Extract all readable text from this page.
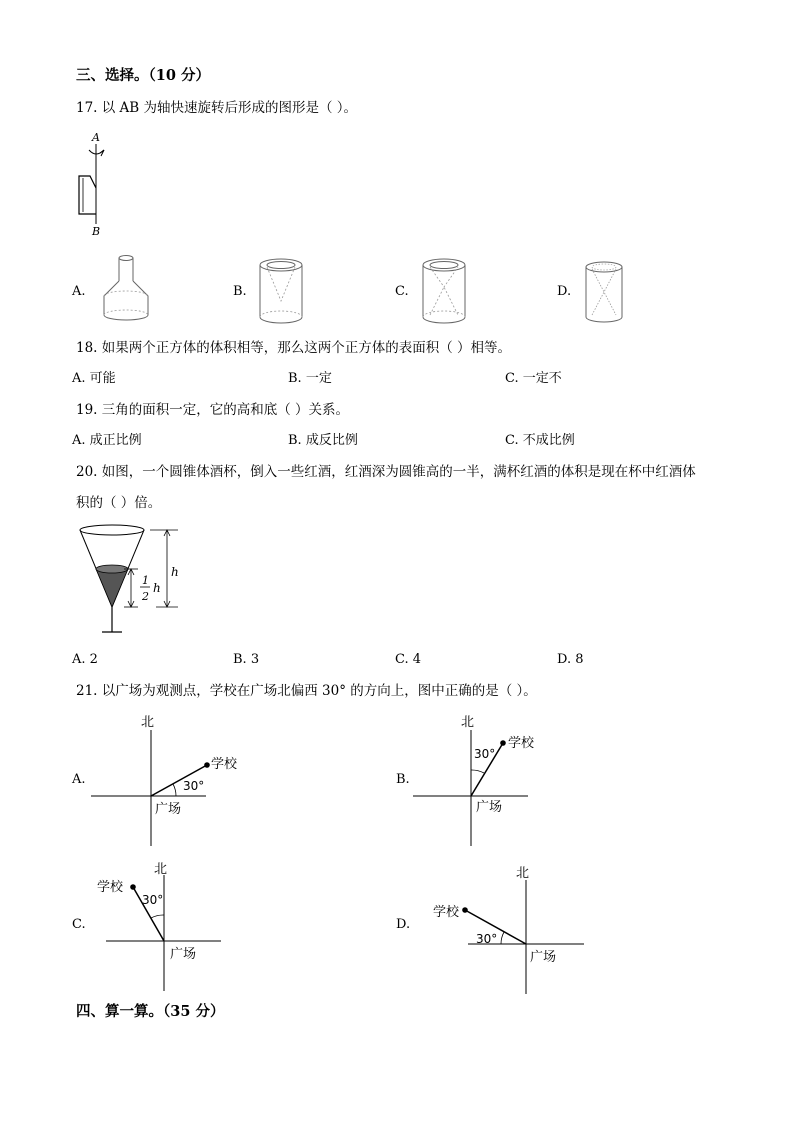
三、选择。（10 分）
17. 以 AB 为轴快速旋转后形成的图形是（ ）。
A
B
A.	B.	C.	D.
18. 如果两个正方体的体积相等，那么这两个正方体的表面积（ ）相等。
A. 可能	B. 一定	C. 一定不
19. 三角的面积一定，它的高和底（ ）关系。
A. 成正比例	B. 成反比例	C. 不成比例
20. 如图，一个圆锥体酒杯，倒入一些红酒，红酒深为圆锥高的一半，满杯红酒的体积是现在杯中红酒体
积的（ ）倍。
h
1
2
h
A. 2	B. 3	C. 4	D. 8
21. 以广场为观测点，学校在广场北偏西 30° 的方向上，图中正确的是（ ）。
A.
北
学校
30°
广场
B.
北
学校
30°
广场
C.
北
学校
30°
广场
D.
北
学校
30°
广场
四、算一算。（35 分）
